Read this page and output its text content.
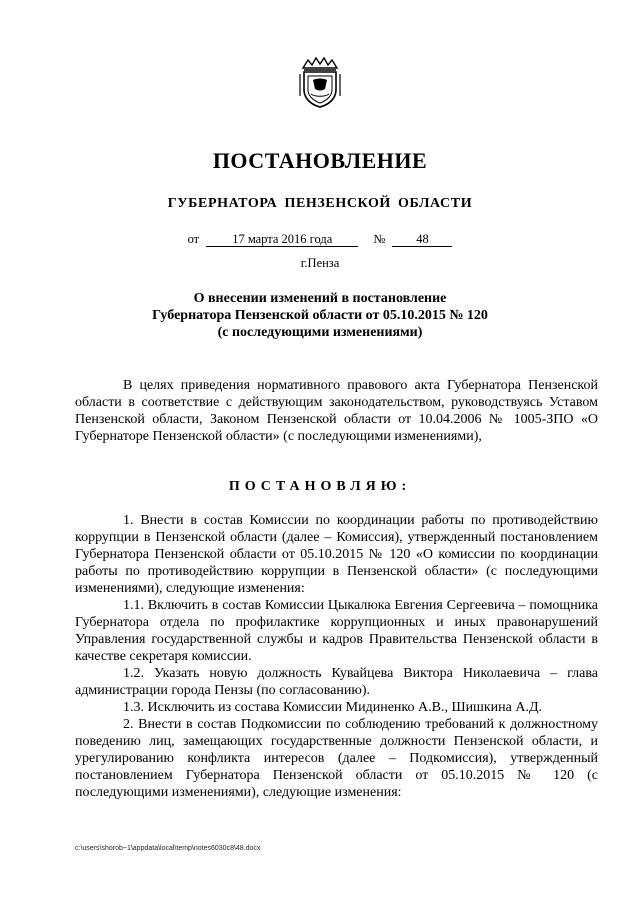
ПОСТАНОВЛЕНИЕ
ГУБЕРНАТОРА ПЕНЗЕНСКОЙ ОБЛАСТИ
от	17 марта 2016 года	№ 48
г.Пенза
О внесении изменений в постановление
Губернатора Пензенской области от 05.10.2015 № 120
(с последующими изменениями)

В целях приведения нормативного правового акта Губернатора Пензенской области в соответствие с действующим законодательством, руководствуясь Уставом Пензенской области, Законом Пензенской области от 10.04.2006 № 1005-ЗПО «О Губернаторе Пензенской области» (с последующими изменениями),

ПОСТАНОВЛЯЮ:

1. Внести в состав Комиссии по координации работы по противодействию коррупции в Пензенской области (далее – Комиссия), утвержденный постановлением Губернатора Пензенской области от 05.10.2015 № 120 «О комиссии по координации работы по противодействию коррупции в Пензенской области» (с последующими изменениями), следующие изменения:

1.1. Включить в состав Комиссии Цыкалюка Евгения Сергеевича – помощника Губернатора отдела по профилактике коррупционных и иных правонарушений Управления государственной службы и кадров Правительства Пензенской области в качестве секретаря комиссии.

1.2. Указать новую должность Кувайцева Виктора Николаевича – глава администрации города Пензы (по согласованию).

1.3. Исключить из состава Комиссии Мидиненко А.В., Шишкина А.Д.

2. Внести в состав Подкомиссии по соблюдению требований к должностному поведению лиц, замещающих государственные должности Пензенской области, и урегулированию конфликта интересов (далее – Подкомиссия), утвержденный постановлением Губернатора Пензенской области от 05.10.2015 № 120 (с последующими изменениями), следующие изменения:

c:\users\shorob~1\appdata\local\temp\notes6030c8\48.docx
